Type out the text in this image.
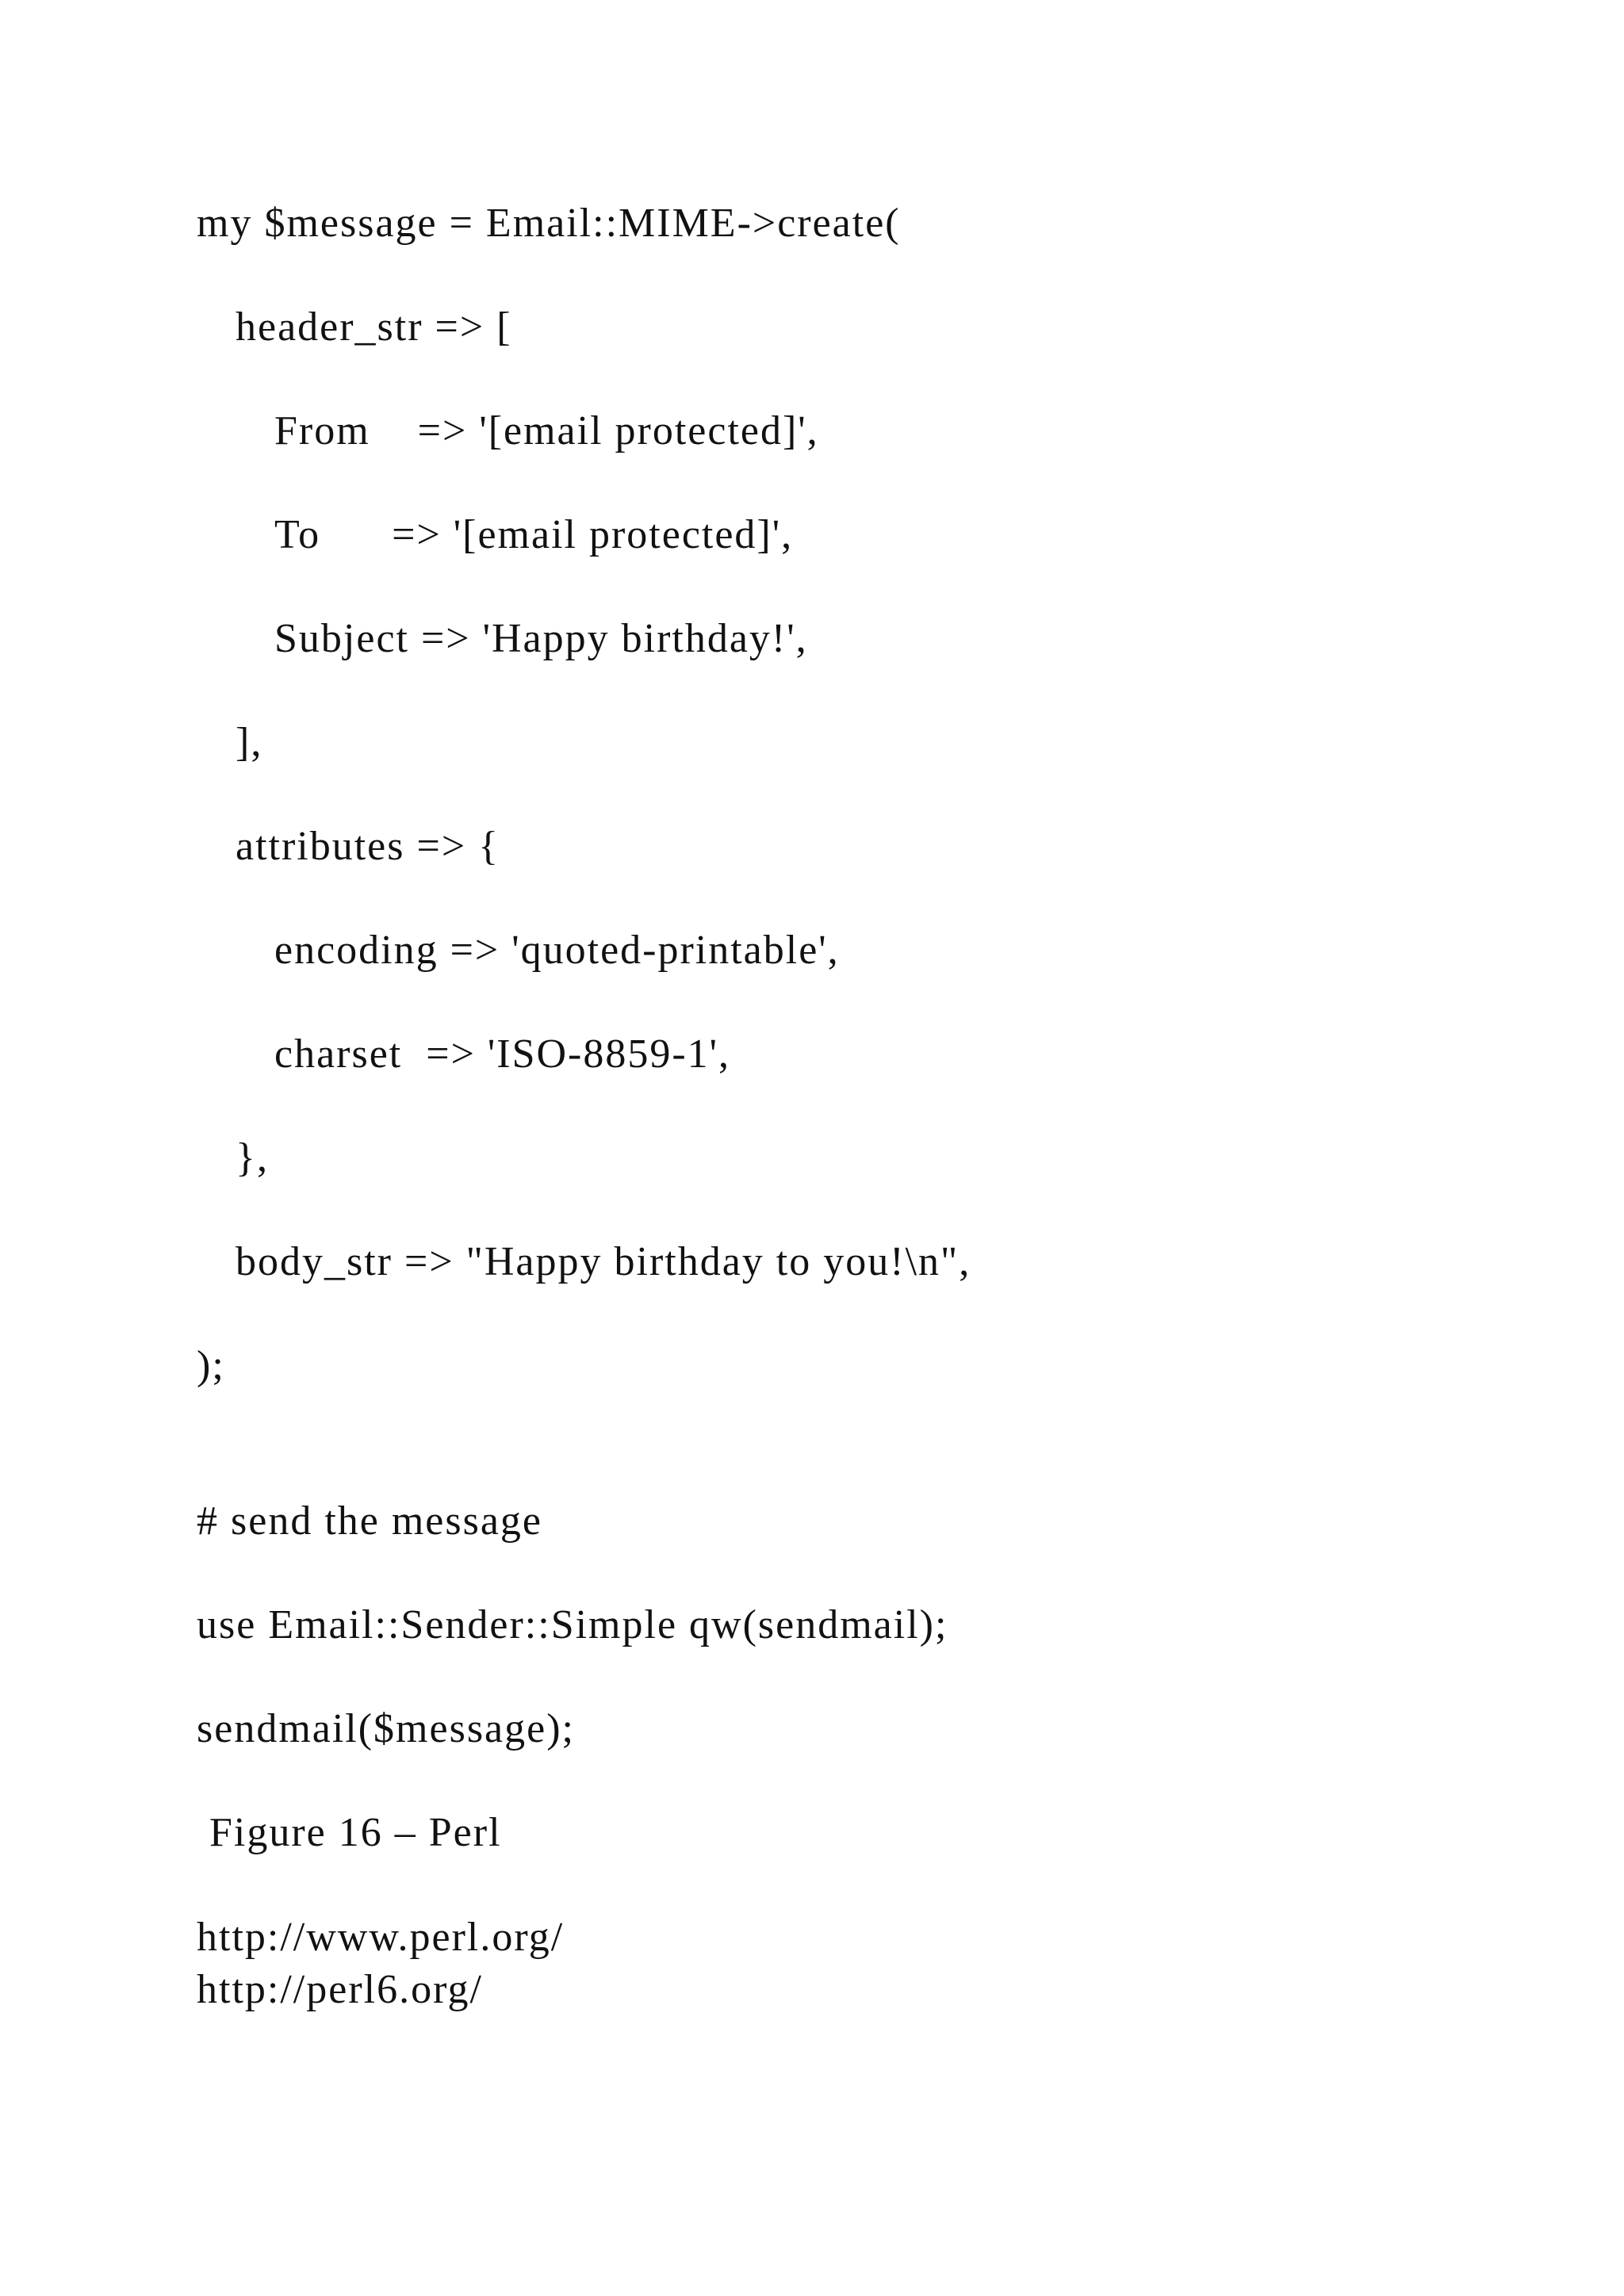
my $message = Email::MIME->create(
header_str => [
From    => '[email protected]',
To      => '[email protected]',
Subject => 'Happy birthday!',
],
attributes => {
encoding => 'quoted-printable',
charset  => 'ISO-8859-1',
},
body_str => "Happy birthday to you!\n",
);
# send the message
use Email::Sender::Simple qw(sendmail);
sendmail($message);
Figure 16 – Perl
http://www.perl.org/
http://perl6.org/
